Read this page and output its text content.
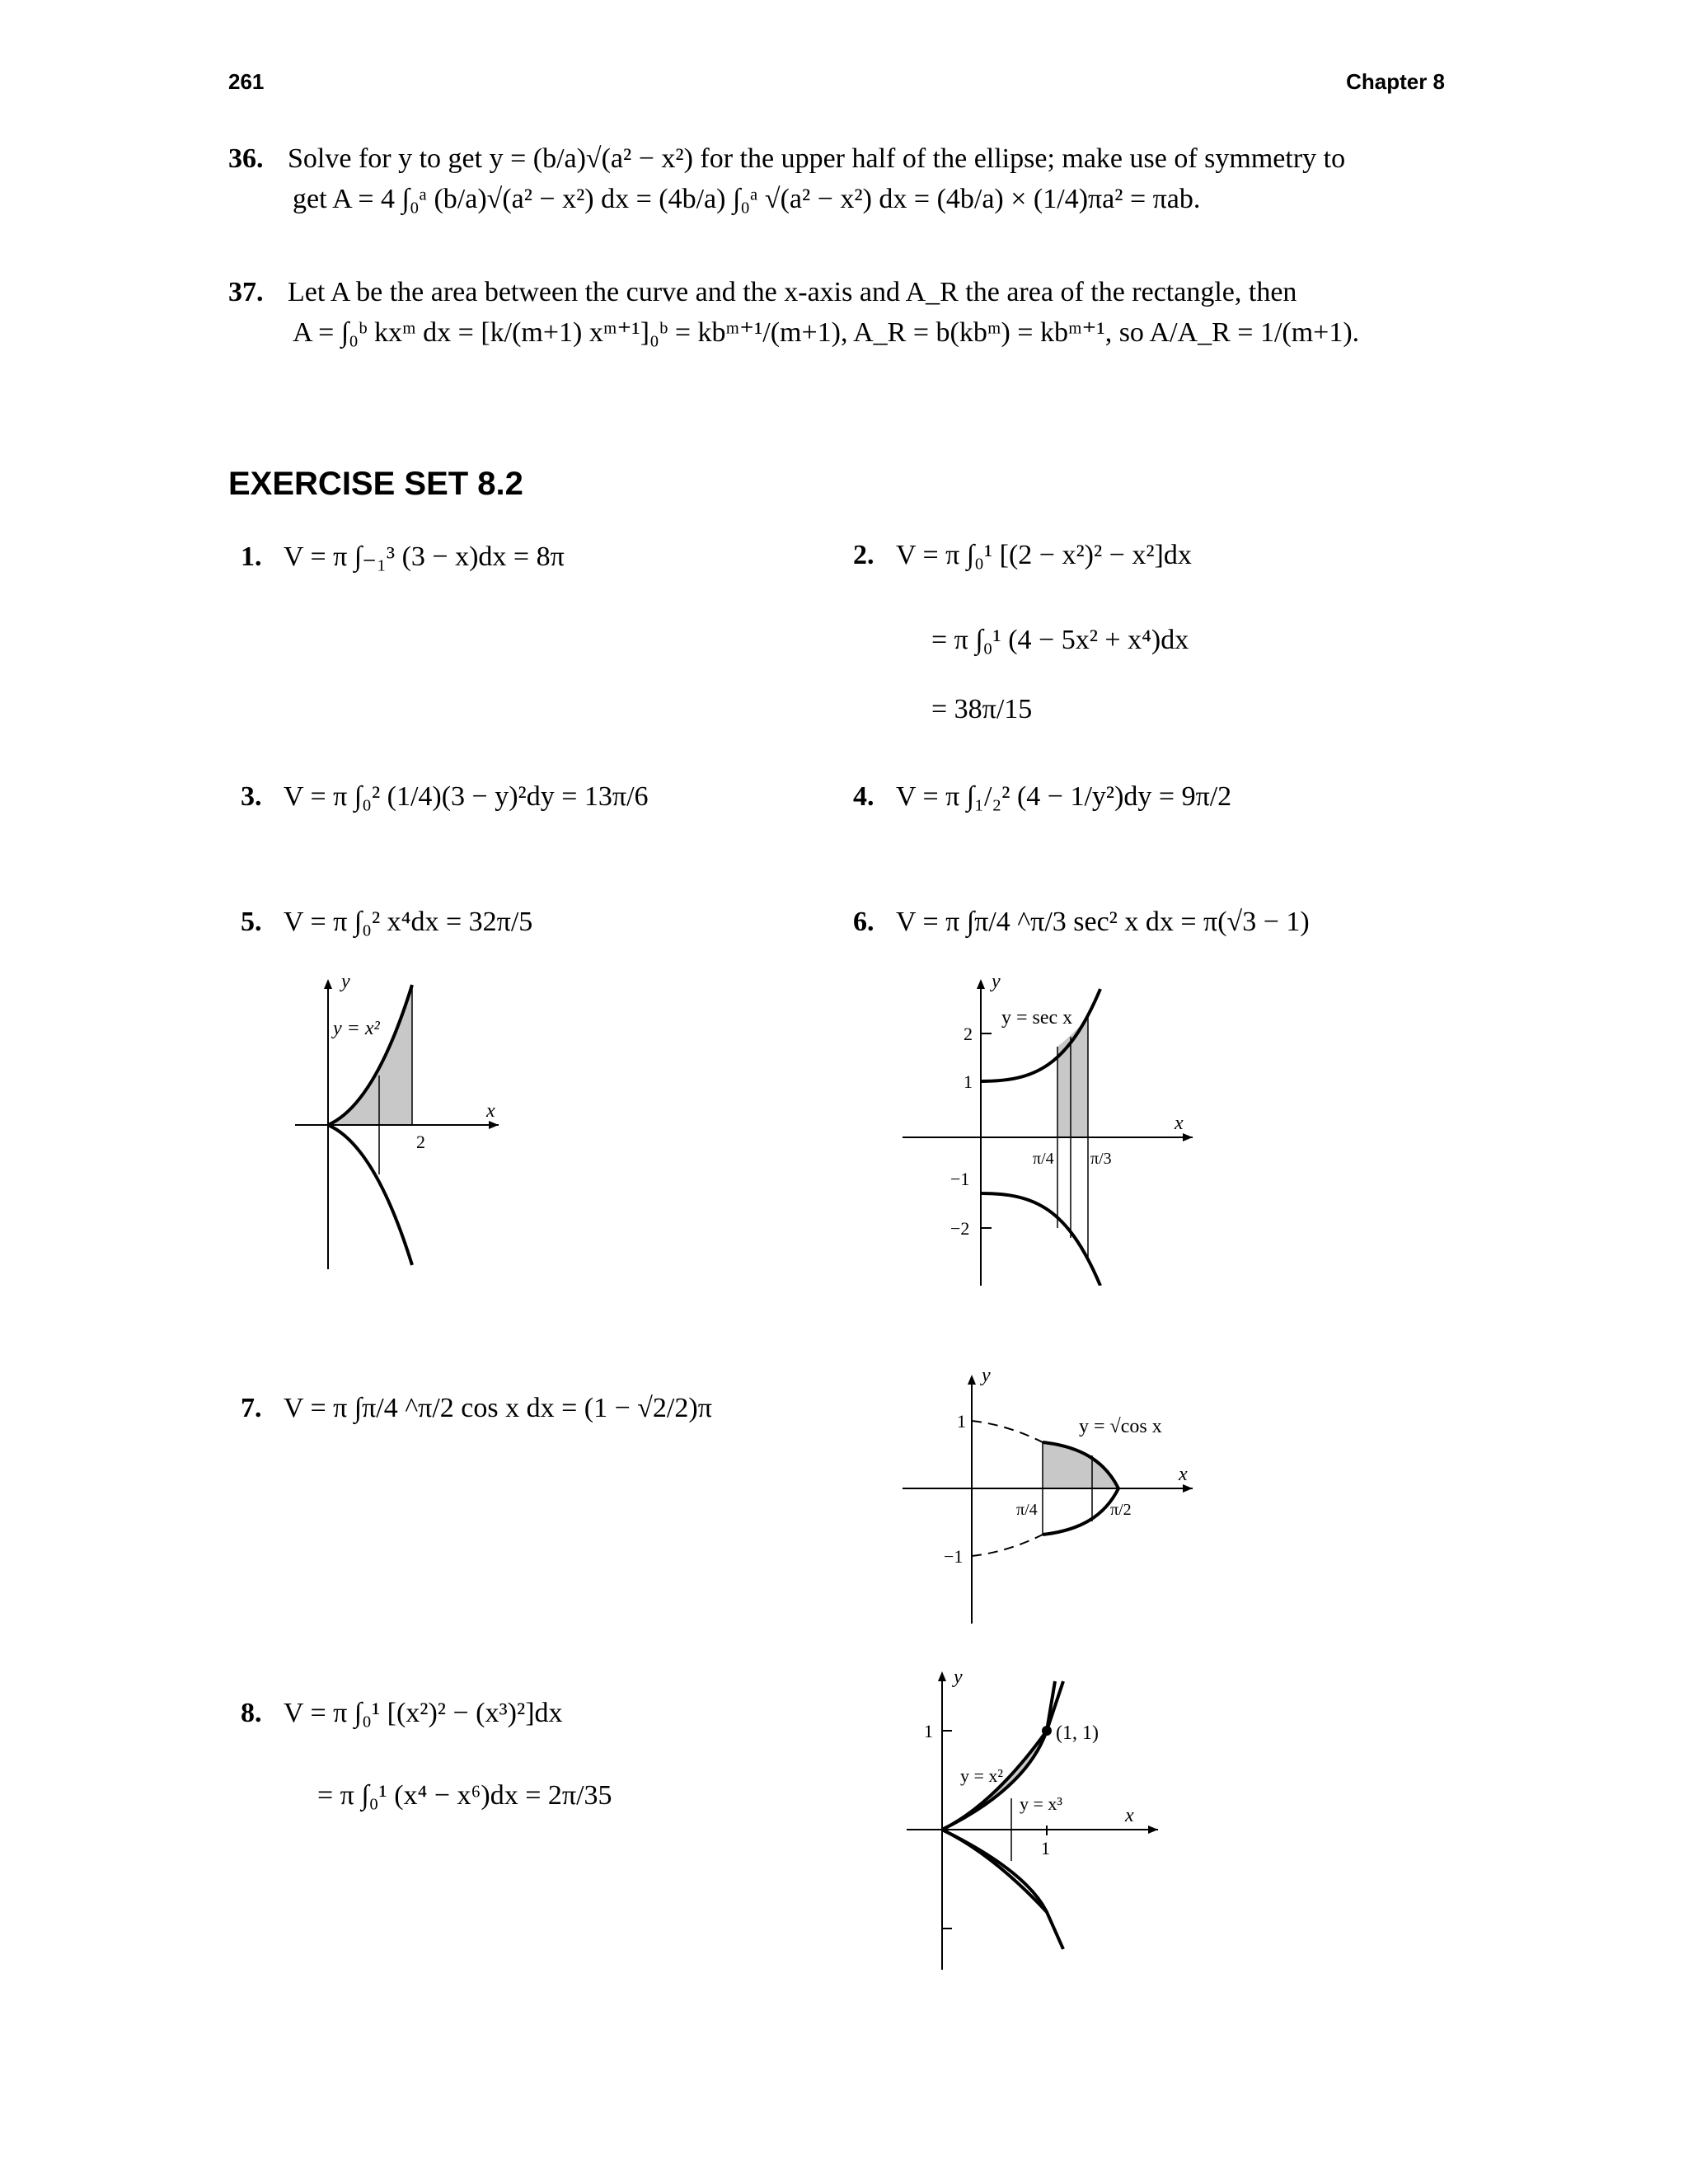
261	Chapter 8
36. Solve for y to get y = (b/a)√(a² − x²) for the upper half of the ellipse; make use of symmetry to
get A = 4 ∫₀ᵃ (b/a)√(a² − x²) dx = (4b/a) ∫₀ᵃ √(a² − x²) dx = (4b/a) × (1/4)πa² = πab.
37. Let A be the area between the curve and the x-axis and A_R the area of the rectangle, then
A = ∫₀ᵇ kxᵐ dx = [k/(m+1) xᵐ⁺¹]₀ᵇ = kbᵐ⁺¹/(m+1), A_R = b(kbᵐ) = kbᵐ⁺¹, so A/A_R = 1/(m+1).
EXERCISE SET 8.2
1. V = π ∫₋₁³ (3 − x)dx = 8π	2. V = π ∫₀¹ [(2 − x²)² − x²]dx
= π ∫₀¹ (4 − 5x² + x⁴)dx
= 38π/15
3. V = π ∫₀² (1/4)(3 − y)²dy = 13π/6	4. V = π ∫₁/₂² (4 − 1/y²)dy = 9π/2
5. V = π ∫₀² x⁴dx = 32π/5	6. V = π ∫π/4 ^π/3 sec² x dx = π(√3 − 1)
y
y = x²
x
2
y
y = sec x
x
2
1
−1
−2
π/4 π/3
7. V = π ∫π/4 ^π/2 cos x dx = (1 − √2/2)π
y
y = √cos x
x
1
−1
π/4	π/2
8. V = π ∫₀¹ [(x²)² − (x³)²]dx
= π ∫₀¹ (x⁴ − x⁶)dx = 2π/35
y
(1, 1)
y = x²
y = x³
x
1
1
